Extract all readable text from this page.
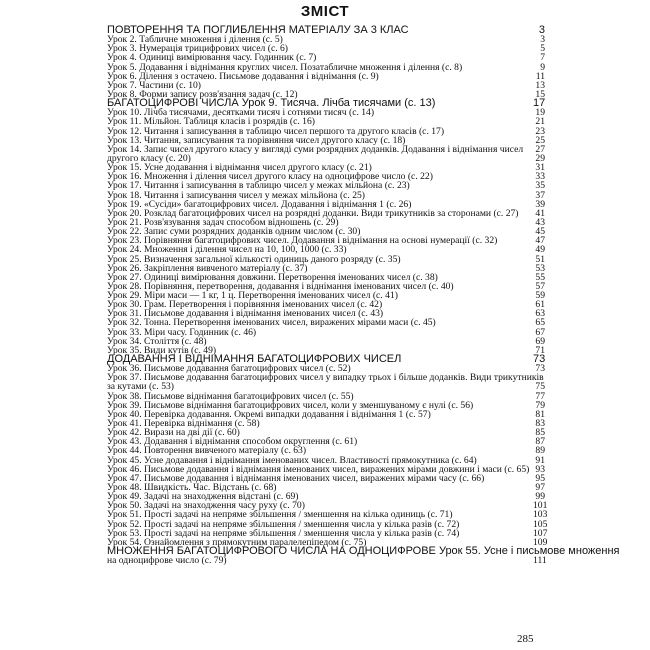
ЗМІСТ
ПОВТОРЕННЯ ТА ПОГЛИБЛЕННЯ МАТЕРІАЛУ ЗА 3 КЛАС	3
Урок 2. Табличне множення і ділення (с. 5)	3
Урок 3. Нумерація трицифрових чисел (с. 6)	5
Урок 4. Одиниці вимірювання часу. Годинник (с. 7)	7
Урок 5. Додавання і віднімання круглих чисел. Позатабличне множення і ділення (с. 8)	9
Урок 6. Ділення з остачею. Письмове додавання і віднімання (с. 9)	11
Урок 7. Частини (с. 10)	13
Урок 8. Форми запису розв'язання задач (с. 12)	15
БАГАТОЦИФРОВІ ЧИСЛА Урок 9. Тисяча. Лічба тисячами (с. 13)	17
Урок 10. Лічба тисячами, десятками тисяч і сотнями тисяч (с. 14)	19
Урок 11. Мільйон. Таблиця класів і розрядів (с. 16)	21
Урок 12. Читання і записування в таблицю чисел першого та другого класів (с. 17)	23
Урок 13. Читання, записування та порівняння чисел другого класу (с. 18)	25
Урок 14. Запис чисел другого класу у вигляді суми розрядних доданків. Додавання і віднімання чисел	27
другого класу (с. 20)	29
Урок 15. Усне додавання і віднімання чисел другого класу (с. 21)	31
Урок 16. Множення і ділення чисел другого класу на одноцифрове число (с. 22)	33
Урок 17. Читання і записування в таблицю чисел у межах мільйона (с. 23)	35
Урок 18. Читання і записування чисел у межах мільйона (с. 25)	37
Урок 19. «Сусіди» багатоцифрових чисел. Додавання і віднімання 1 (с. 26)	39
Урок 20. Розклад багатоцифрових чисел на розрядні доданки. Види трикутників за сторонами (с. 27)	41
Урок 21. Розв'язування задач способом відношень (с. 29)	43
Урок 22. Запис суми розрядних доданків одним числом (с. 30)	45
Урок 23. Порівняння багатоцифрових чисел. Додавання і віднімання на основі нумерації (с. 32)	47
Урок 24. Множення і ділення чисел на 10, 100, 1000 (с. 33)	49
Урок 25. Визначення загальної кількості одиниць даного розряду (с. 35)	51
Урок 26. Закріплення вивченого матеріалу (с. 37)	53
Урок 27. Одиниці вимірювання довжини. Перетворення іменованих чисел (с. 38)	55
Урок 28. Порівняння, перетворення, додавання і віднімання іменованих чисел (с. 40)	57
Урок 29. Міри маси — 1 кг, 1 ц. Перетворення іменованих чисел (с. 41)	59
Урок 30. Грам. Перетворення і порівняння іменованих чисел (с. 42)	61
Урок 31. Письмове додавання і віднімання іменованих чисел (с. 43)	63
Урок 32. Тонна. Перетворення іменованих чисел, виражених мірами маси (с. 45)	65
Урок 33. Міри часу. Годинник (с. 46)	67
Урок 34. Століття (с. 48)	69
Урок 35. Види кутів (с. 49)	71
ДОДАВАННЯ І ВІДНІМАННЯ БАГАТОЦИФРОВИХ ЧИСЕЛ	73
Урок 36. Письмове додавання багатоцифрових чисел (с. 52)	73
Урок 37. Письмове додавання багатоцифрових чисел у випадку трьох і більше доданків. Види трикутників
за кутами (с. 53)	75
Урок 38. Письмове віднімання багатоцифрових чисел (с. 55)	77
Урок 39. Письмове віднімання багатоцифрових чисел, коли у зменшуваному є нулі (с. 56)	79
Урок 40. Перевірка додавання. Окремі випадки додавання і віднімання 1 (с. 57)	81
Урок 41. Перевірка віднімання (с. 58)	83
Урок 42. Вирази на дві дії (с. 60)	85
Урок 43. Додавання і віднімання способом округлення (с. 61)	87
Урок 44. Повторення вивченого матеріалу (с. 63)	89
Урок 45. Усне додавання і віднімання іменованих чисел. Властивості прямокутника (с. 64)	91
Урок 46. Письмове додавання і віднімання іменованих чисел, виражених мірами довжини і маси (с. 65) 93
Урок 47. Письмове додавання і віднімання іменованих чисел, виражених мірами часу (с. 66)	95
Урок 48. Швидкість. Час. Відстань (с. 68)	97
Урок 49. Задачі на знаходження відстані (с. 69)	99
Урок 50. Задачі на знаходження часу руху (с. 70)	101
Урок 51. Прості задачі на непряме збільшення / зменшення на кілька одиниць (с. 71)	103
Урок 52. Прості задачі на непряме збільшення / зменшення числа у кілька разів (с. 72)	105
Урок 53. Прості задачі на непряме збільшення / зменшення числа у кілька разів (с. 74)	107
Урок 54. Ознайомлення з прямокутним паралелепіпедом (с. 75)	109
МНОЖЕННЯ БАГАТОЦИФРОВОГО ЧИСЛА НА ОДНОЦИФРОВЕ Урок 55. Усне і письмове множення
на одноцифрове число (с. 79)	111
285
